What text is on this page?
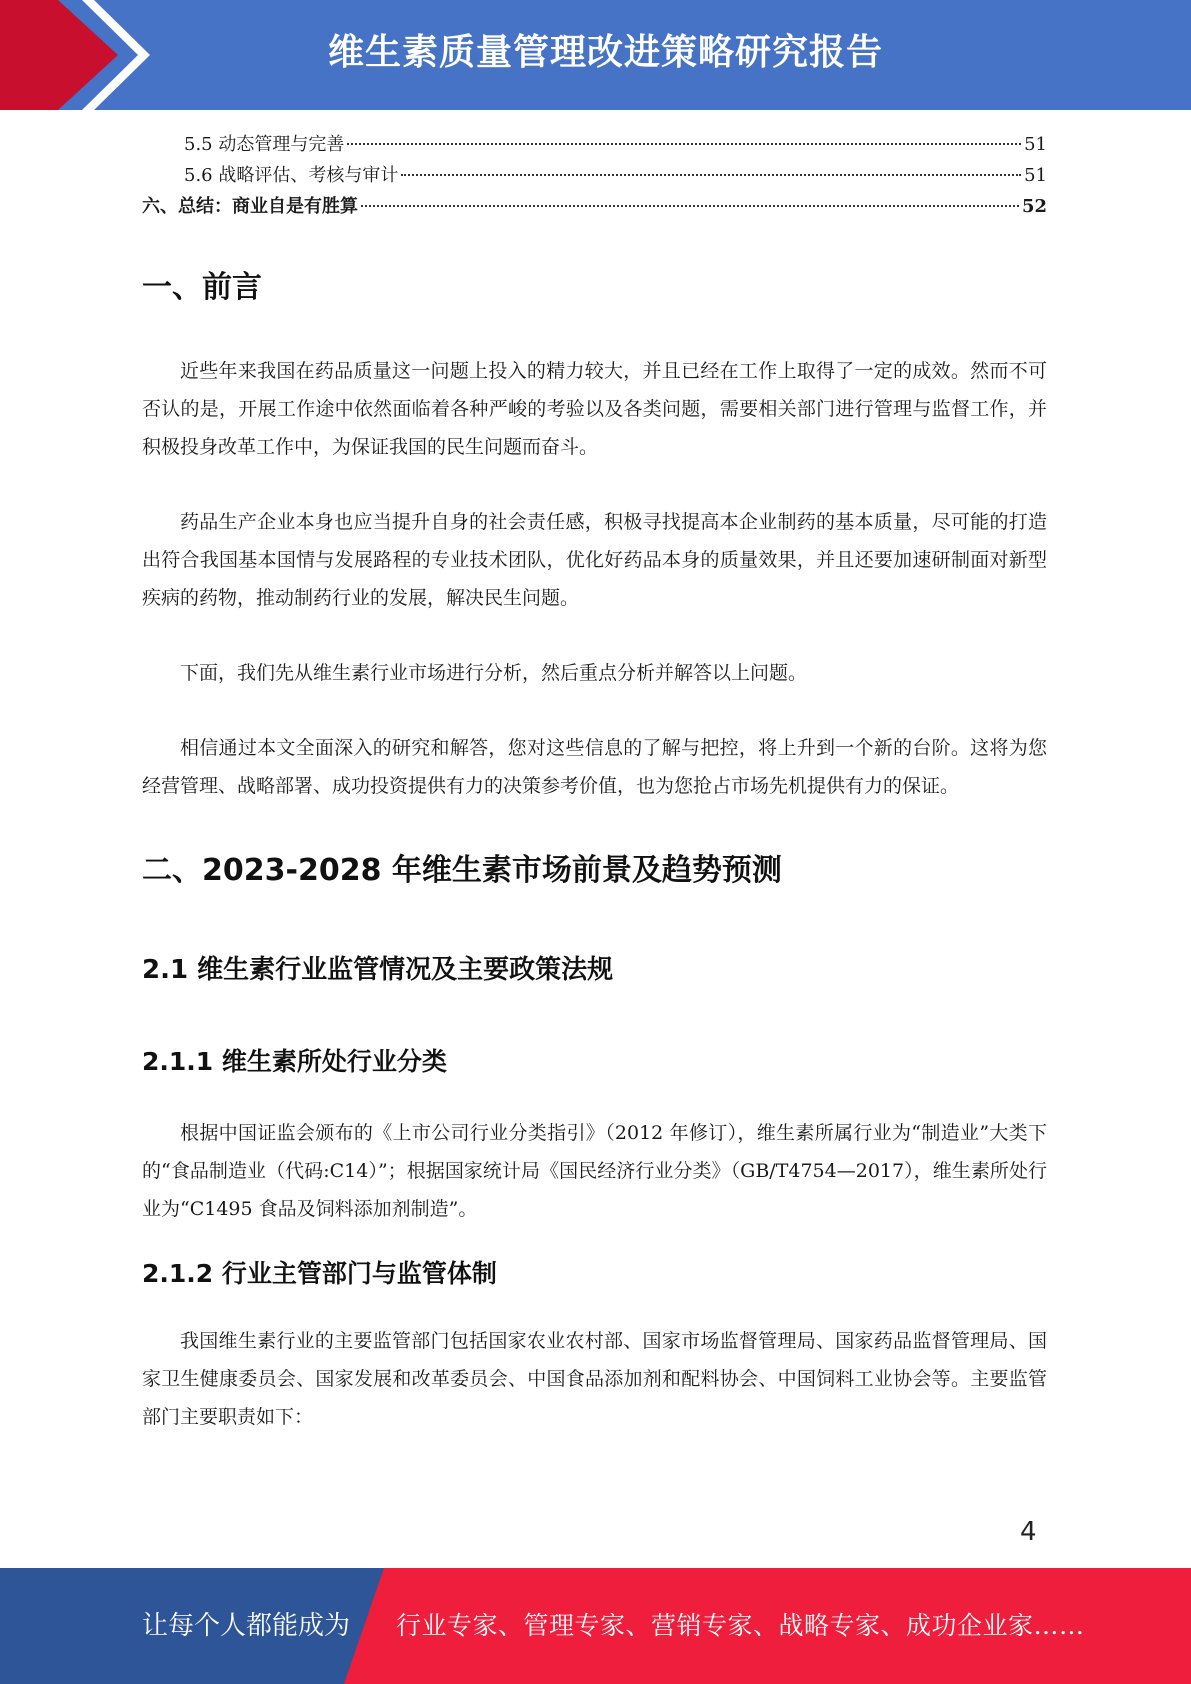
维生素质量管理改进策略研究报告
5.5 动态管理与完善	51
5.6 战略评估、考核与审计	51
六、总结：商业自是有胜算	52
一、前言

近些年来我国在药品质量这一问题上投入的精力较大，并且已经在工作上取得了一定的成效。然而不可否认的是，开展工作途中依然面临着各种严峻的考验以及各类问题，需要相关部门进行管理与监督工作，并积极投身改革工作中，为保证我国的民生问题而奋斗。

药品生产企业本身也应当提升自身的社会责任感，积极寻找提高本企业制药的基本质量，尽可能的打造出符合我国基本国情与发展路程的专业技术团队，优化好药品本身的质量效果，并且还要加速研制面对新型疾病的药物，推动制药行业的发展，解决民生问题。

下面，我们先从维生素行业市场进行分析，然后重点分析并解答以上问题。

相信通过本文全面深入的研究和解答，您对这些信息的了解与把控，将上升到一个新的台阶。这将为您经营管理、战略部署、成功投资提供有力的决策参考价值，也为您抢占市场先机提供有力的保证。

二、2023-2028 年维生素市场前景及趋势预测
2.1 维生素行业监管情况及主要政策法规
2.1.1 维生素所处行业分类

根据中国证监会颁布的《上市公司行业分类指引》（2012 年修订），维生素所属行业为“制造业”大类下的“食品制造业（代码:C14）”；根据国家统计局《国民经济行业分类》（GB/T4754—2017），维生素所处行业为“C1495 食品及饲料添加剂制造”。

2.1.2 行业主管部门与监管体制

我国维生素行业的主要监管部门包括国家农业农村部、国家市场监督管理局、国家药品监督管理局、国家卫生健康委员会、国家发展和改革委员会、中国食品添加剂和配料协会、中国饲料工业协会等。主要监管部门主要职责如下：

4
让每个人都能成为 行业专家、管理专家、营销专家、战略专家、成功企业家……
